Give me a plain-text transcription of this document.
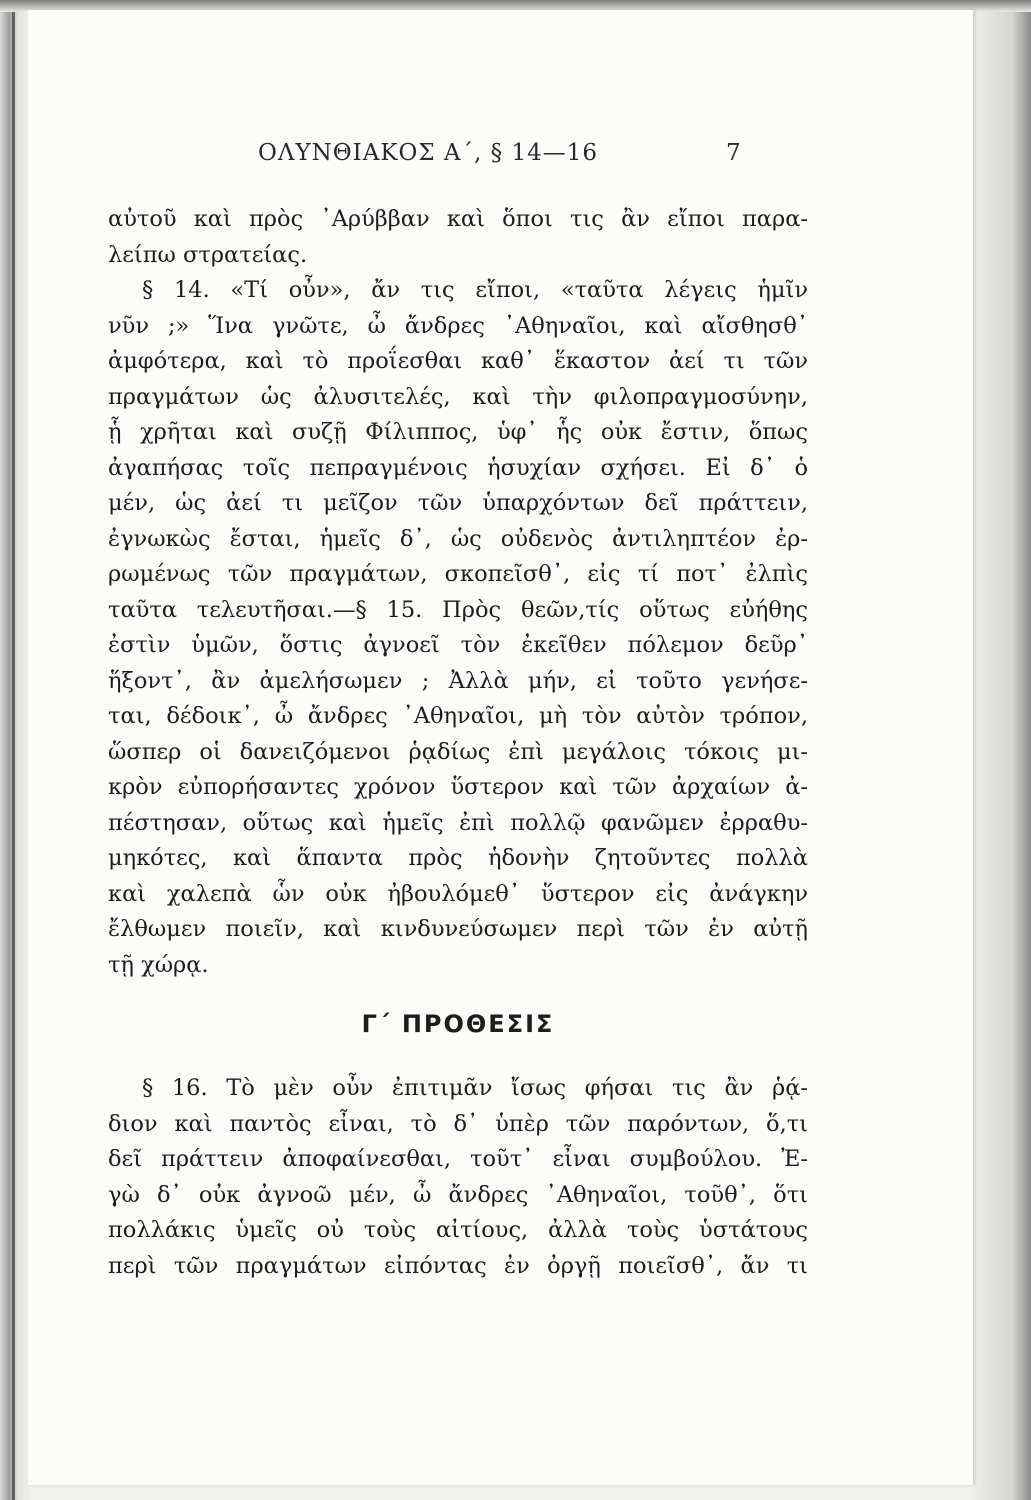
ΟΛΥΝΘΙΑΚΟΣ Α΄, § 14—16	7
αὐτοῦ καὶ πρὸς ᾿Αρύββαν καὶ ὅποι τις ἂν εἴποι παρα-
λείπω στρατείας.
§ 14. «Τί οὖν», ἄν τις εἴποι, «ταῦτα λέγεις ἡμῖν
νῦν ;» Ἵνα γνῶτε, ὦ ἄνδρες ᾿Αθηναῖοι, καὶ αἴσθησθ᾿
ἀμφότερα, καὶ τὸ προΐεσθαι καθ᾿ ἕκαστον ἀεί τι τῶν
πραγμάτων ὡς ἀλυσιτελές, καὶ τὴν φιλοπραγμοσύνην,
ᾗ χρῆται καὶ συζῇ Φίλιππος, ὑφ᾿ ἧς οὐκ ἔστιν, ὅπως
ἀγαπήσας τοῖς πεπραγμένοις ἡσυχίαν σχήσει. Εἰ δ᾿ ὁ
μέν, ὡς ἀεί τι μεῖζον τῶν ὑπαρχόντων δεῖ πράττειν,
ἐγνωκὼς ἔσται, ἡμεῖς δ᾿, ὡς οὐδενὸς ἀντιληπτέον ἐρ-
ρωμένως τῶν πραγμάτων, σκοπεῖσθ᾿, εἰς τί ποτ᾿ ἐλπὶς
ταῦτα τελευτῆσαι.—§ 15. Πρὸς θεῶν,τίς οὕτως εὐήθης
ἐστὶν ὑμῶν, ὅστις ἀγνοεῖ τὸν ἐκεῖθεν πόλεμον δεῦρ᾿
ἥξοντ᾿, ἂν ἀμελήσωμεν ; Ἀλλὰ μήν, εἰ τοῦτο γενήσε-
ται, δέδοικ᾿, ὦ ἄνδρες ᾿Αθηναῖοι, μὴ τὸν αὐτὸν τρόπον,
ὥσπερ οἱ δανειζόμενοι ῥᾳδίως ἐπὶ μεγάλοις τόκοις μι-
κρὸν εὐπορήσαντες χρόνον ὕστερον καὶ τῶν ἀρχαίων ἀ-
πέστησαν, οὕτως καὶ ἡμεῖς ἐπὶ πολλῷ φανῶμεν ἐρραθυ-
μηκότες, καὶ ἅπαντα πρὸς ἡδονὴν ζητοῦντες πολλὰ
καὶ χαλεπὰ ὧν οὐκ ἠβουλόμεθ᾿ ὕστερον εἰς ἀνάγκην
ἔλθωμεν ποιεῖν, καὶ κινδυνεύσωμεν περὶ τῶν ἐν αὐτῇ
τῇ χώρᾳ.
Γ΄ ΠΡΟΘΕΣΙΣ
§ 16. Τὸ μὲν οὖν ἐπιτιμᾶν ἴσως φήσαι τις ἂν ῥᾴ-
διον καὶ παντὸς εἶναι, τὸ δ᾿ ὑπὲρ τῶν παρόντων, ὅ,τι
δεῖ πράττειν ἀποφαίνεσθαι, τοῦτ᾿ εἶναι συμβούλου. Ἐ-
γὼ δ᾿ οὐκ ἀγνοῶ μέν, ὦ ἄνδρες ᾿Αθηναῖοι, τοῦθ᾿, ὅτι
πολλάκις ὑμεῖς οὐ τοὺς αἰτίους, ἀλλὰ τοὺς ὑστάτους
περὶ τῶν πραγμάτων εἰπόντας ἐν ὀργῇ ποιεῖσθ᾿, ἄν τι
